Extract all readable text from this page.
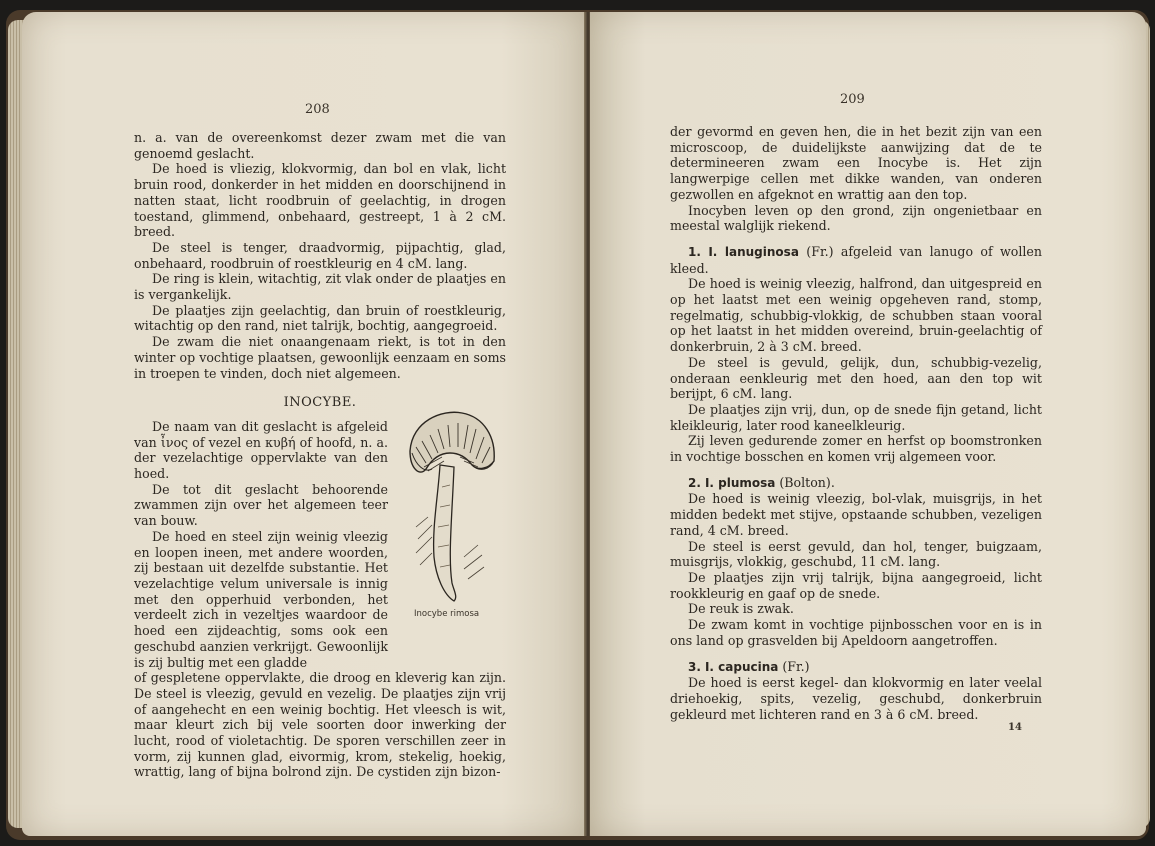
208

n. a. van de overeenkomst dezer zwam met die van genoemd geslacht.

De hoed is vliezig, klokvormig, dan bol en vlak, licht bruin rood, donkerder in het midden en doorschijnend in natten staat, licht roodbruin of geelachtig, in drogen toestand, glimmend, onbehaard, gestreept, 1 à 2 cM. breed.

De steel is tenger, draadvormig, pijpachtig, glad, onbehaard, roodbruin of roestkleurig en 4 cM. lang.

De ring is klein, witachtig, zit vlak onder de plaatjes en is vergankelijk.

De plaatjes zijn geelachtig, dan bruin of roestkleurig, witachtig op den rand, niet talrijk, bochtig, aangegroeid.

De zwam die niet onaangenaam riekt, is tot in den winter op vochtige plaatsen, gewoonlijk eenzaam en soms in troepen te vinden, doch niet algemeen.

INOCYBE.

De naam van dit geslacht is afgeleid van ἶνος of vezel en κυβή of hoofd, n. a. der vezelachtige oppervlakte van den hoed.

De tot dit geslacht behoorende zwammen zijn over het algemeen teer van bouw.

De hoed en steel zijn weinig vleezig en loopen ineen, met andere woorden, zij bestaan uit dezelfde substantie. Het vezelachtige velum universale is innig met den opperhuid verbonden, het verdeelt zich in vezeltjes waardoor de hoed een zijdeachtig, soms ook een geschubd aanzien verkrijgt. Gewoonlijk is zij bultig met een gladde

of gespletene oppervlakte, die droog en kleverig kan zijn. De steel is vleezig, gevuld en vezelig. De plaatjes zijn vrij of aangehecht en een weinig bochtig. Het vleesch is wit, maar kleurt zich bij vele soorten door inwerking der lucht, rood of violetachtig. De sporen verschillen zeer in vorm, zij kunnen glad, eivormig, krom, stekelig, hoekig, wrattig, lang of bijna bolrond zijn. De cystiden zijn bizon-

Inocybe rimosa
209

der gevormd en geven hen, die in het bezit zijn van een microscoop, de duidelijkste aanwijzing dat de te determineeren zwam een Inocybe is. Het zijn langwerpige cellen met dikke wanden, van onderen gezwollen en afgeknot en wrattig aan den top.

Inocyben leven op den grond, zijn ongenietbaar en meestal walglijk riekend.

1. I. lanuginosa (Fr.) afgeleid van lanugo of wollen kleed.

De hoed is weinig vleezig, halfrond, dan uitgespreid en op het laatst met een weinig opgeheven rand, stomp, regelmatig, schubbig-vlokkig, de schubben staan vooral op het laatst in het midden overeind, bruin-geelachtig of donkerbruin, 2 à 3 cM. breed.

De steel is gevuld, gelijk, dun, schubbig-vezelig, onderaan eenkleurig met den hoed, aan den top wit berijpt, 6 cM. lang.

De plaatjes zijn vrij, dun, op de snede fijn getand, licht kleikleurig, later rood kaneelkleurig.

Zij leven gedurende zomer en herfst op boomstronken in vochtige bosschen en komen vrij algemeen voor.

2. I. plumosa (Bolton).

De hoed is weinig vleezig, bol-vlak, muisgrijs, in het midden bedekt met stijve, opstaande schubben, vezeligen rand, 4 cM. breed.

De steel is eerst gevuld, dan hol, tenger, buigzaam, muisgrijs, vlokkig, geschubd, 11 cM. lang.

De plaatjes zijn vrij talrijk, bijna aangegroeid, licht rookkleurig en gaaf op de snede.

De reuk is zwak.

De zwam komt in vochtige pijnbosschen voor en is in ons land op grasvelden bij Apeldoorn aangetroffen.

3. I. capucina (Fr.)

De hoed is eerst kegel- dan klokvormig en later veelal driehoekig, spits, vezelig, geschubd, donkerbruin gekleurd met lichteren rand en 3 à 6 cM. breed.

14
